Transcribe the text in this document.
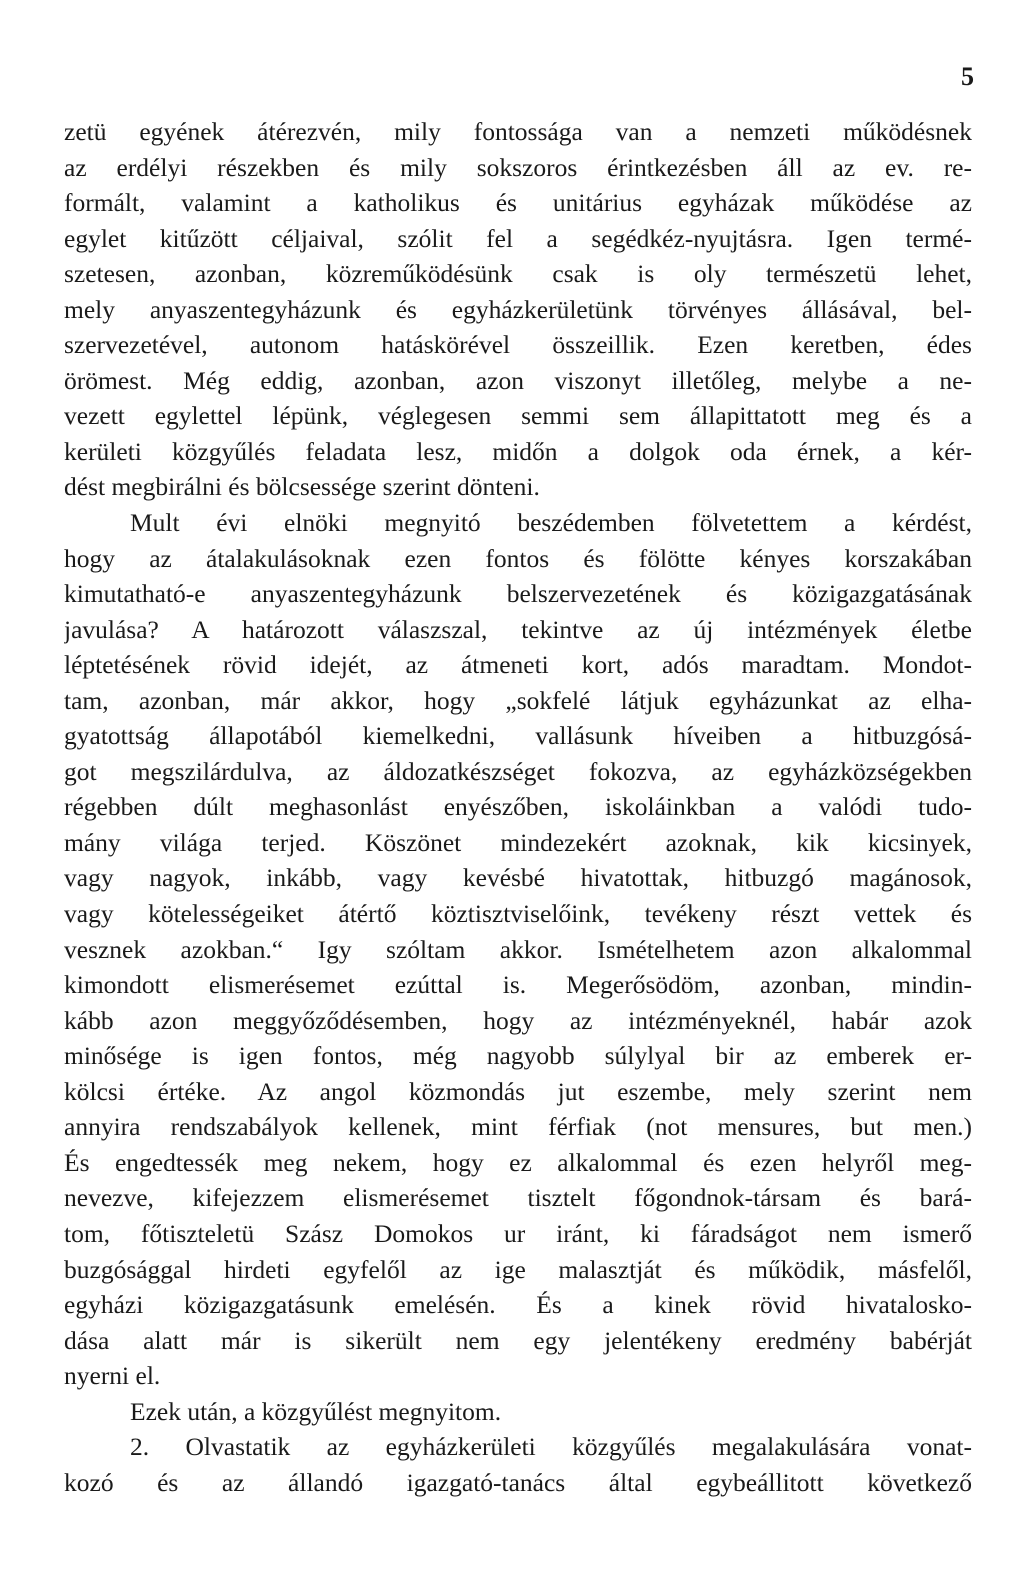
5
zetü egyének átérezvén, mily fontossága van a nemzeti működésnek
az erdélyi részekben és mily sokszoros érintkezésben áll az ev. re-
formált, valamint a katholikus és unitárius egyházak működése az
egylet kitűzött céljaival, szólit fel a segédkéz-nyujtásra. Igen termé-
szetesen, azonban, közreműködésünk csak is oly természetü lehet,
mely anyaszentegyházunk és egyházkerületünk törvényes állásával, bel-
szervezetével, autonom hatáskörével összeillik. Ezen keretben, édes
örömest. Még eddig, azonban, azon viszonyt illetőleg, melybe a ne-
vezett egylettel lépünk, véglegesen semmi sem állapittatott meg és a
kerületi közgyűlés feladata lesz, midőn a dolgok oda érnek, a kér-
dést megbirálni és bölcsessége szerint dönteni.
Mult évi elnöki megnyitó beszédemben fölvetettem a kérdést,
hogy az átalakulásoknak ezen fontos és fölötte kényes korszakában
kimutatható-e anyaszentegyházunk belszervezetének és közigazgatásának
javulása? A határozott válaszszal, tekintve az új intézmények életbe
léptetésének rövid idejét, az átmeneti kort, adós maradtam. Mondot-
tam, azonban, már akkor, hogy „sokfelé látjuk egyházunkat az elha-
gyatottság állapotából kiemelkedni, vallásunk híveiben a hitbuzgósá-
got megszilárdulva, az áldozatkészséget fokozva, az egyházközségekben
régebben dúlt meghasonlást enyészőben, iskoláinkban a valódi tudo-
mány világa terjed. Köszönet mindezekért azoknak, kik kicsinyek,
vagy nagyok, inkább, vagy kevésbé hivatottak, hitbuzgó magánosok,
vagy kötelességeiket átértő köztisztviselőink, tevékeny részt vettek és
vesznek azokban.“ Igy szóltam akkor. Ismételhetem azon alkalommal
kimondott elismerésemet ezúttal is. Megerősödöm, azonban, mindin-
kább azon meggyőződésemben, hogy az intézményeknél, habár azok
minősége is igen fontos, még nagyobb súlylyal bir az emberek er-
kölcsi értéke. Az angol közmondás jut eszembe, mely szerint nem
annyira rendszabályok kellenek, mint férfiak (not mensures, but men.)
És engedtessék meg nekem, hogy ez alkalommal és ezen helyről meg-
nevezve, kifejezzem elismerésemet tisztelt főgondnok-társam és bará-
tom, főtiszteletü Szász Domokos ur iránt, ki fáradságot nem ismerő
buzgósággal hirdeti egyfelől az ige malasztját és működik, másfelől,
egyházi közigazgatásunk emelésén. És a kinek rövid hivatalosko-
dása alatt már is sikerült nem egy jelentékeny eredmény babérját
nyerni el.
Ezek után, a közgyűlést megnyitom.
2. Olvastatik az egyházkerületi közgyűlés megalakulására vonat-
kozó és az állandó igazgató-tanács által egybeállitott következő
